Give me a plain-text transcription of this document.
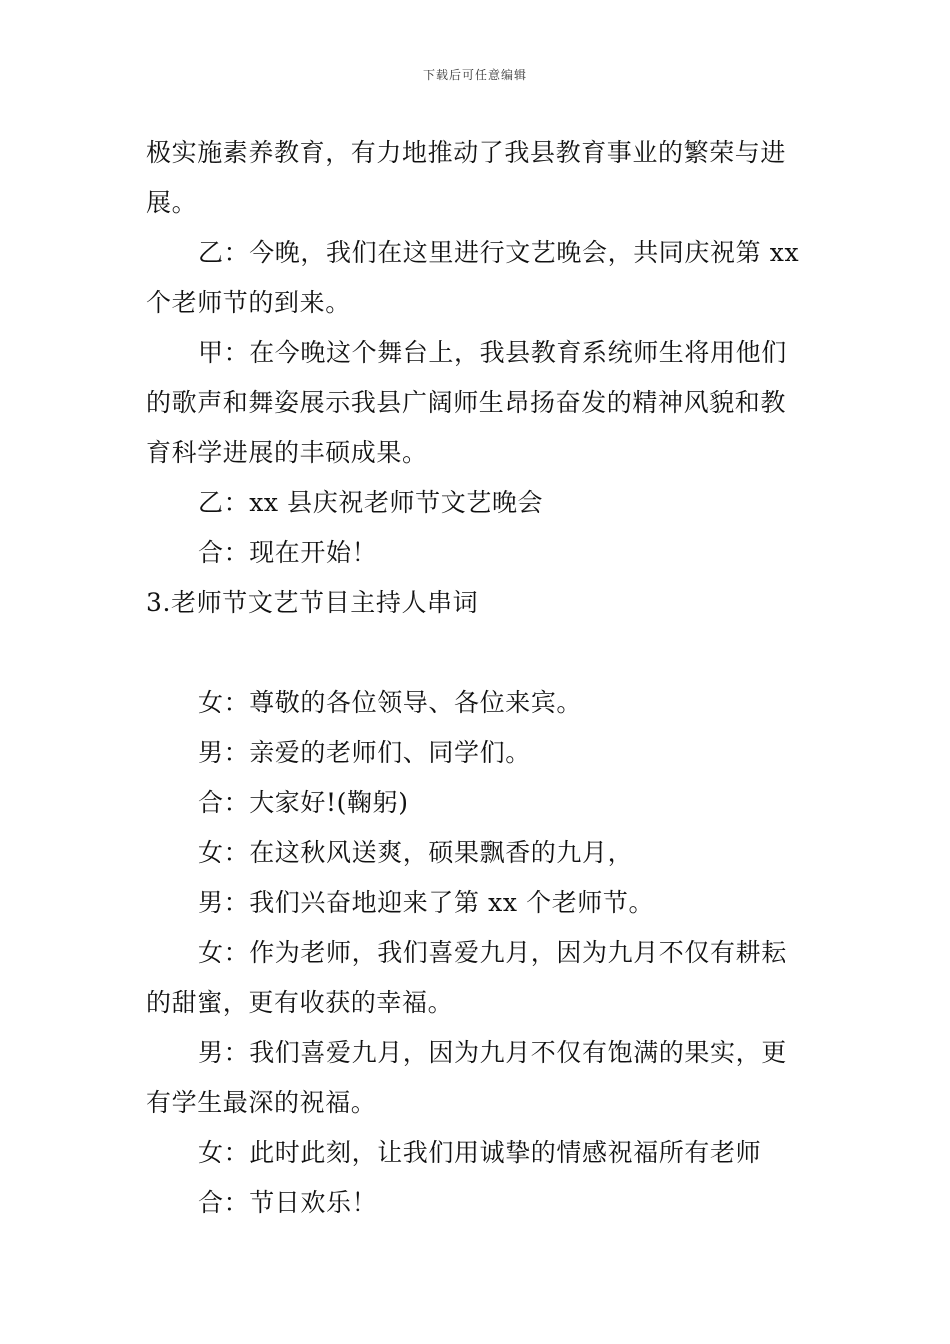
下载后可任意编辑
极实施素养教育，有力地推动了我县教育事业的繁荣与进
展。
乙：今晚，我们在这里进行文艺晚会，共同庆祝第 xx
个老师节的到来。
甲：在今晚这个舞台上，我县教育系统师生将用他们
的歌声和舞姿展示我县广阔师生昂扬奋发的精神风貌和教
育科学进展的丰硕成果。
乙：xx 县庆祝老师节文艺晚会
合：现在开始！
3.老师节文艺节目主持人串词
女：尊敬的各位领导、各位来宾。
男：亲爱的老师们、同学们。
合：大家好!(鞠躬)
女：在这秋风送爽，硕果飘香的九月，
男：我们兴奋地迎来了第 xx 个老师节。
女：作为老师，我们喜爱九月，因为九月不仅有耕耘
的甜蜜，更有收获的幸福。
男：我们喜爱九月，因为九月不仅有饱满的果实，更
有学生最深的祝福。
女：此时此刻，让我们用诚挚的情感祝福所有老师
合：节日欢乐！
